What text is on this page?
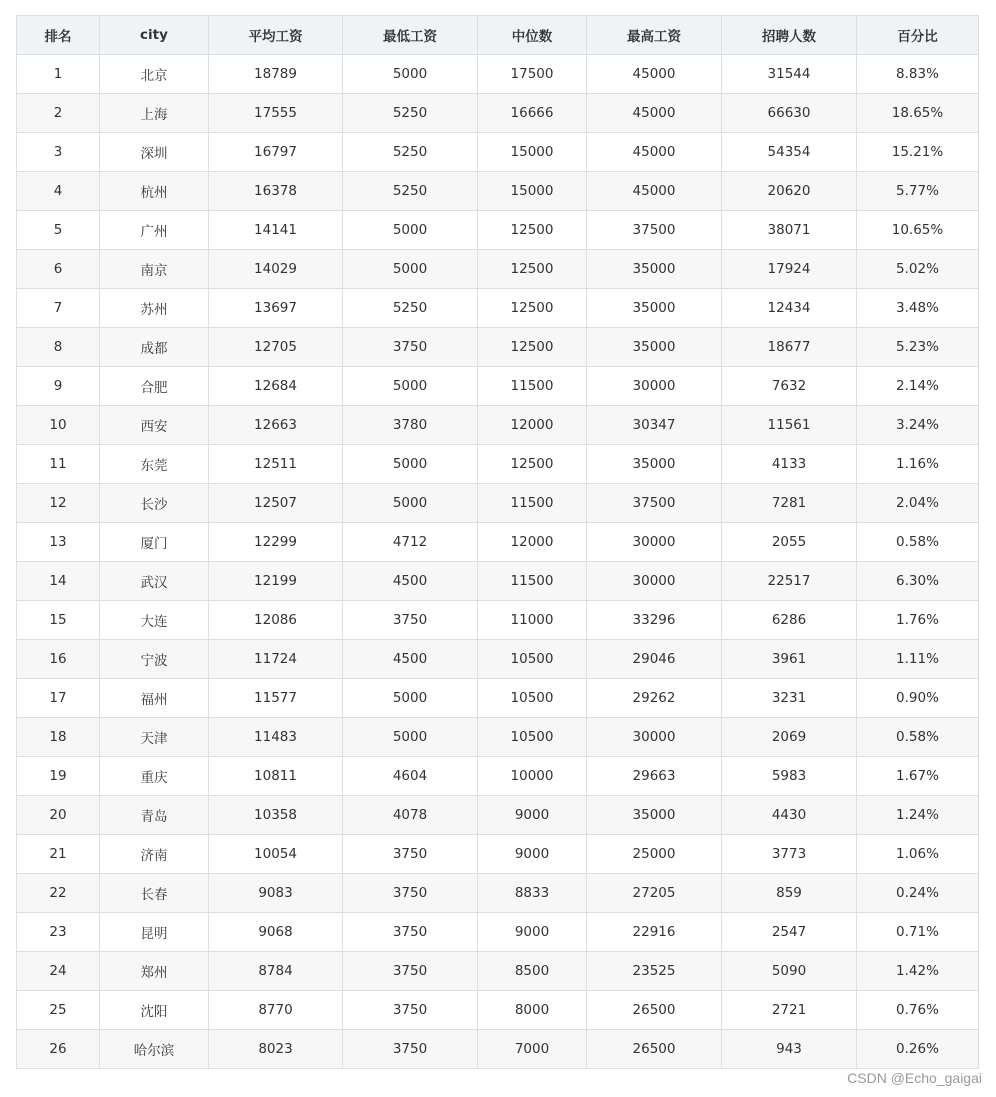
排名	city	平均工资	最低工资	中位数	最高工资	招聘人数	百分比
1	北京	18789	5000	17500	45000	31544	8.83%
2	上海	17555	5250	16666	45000	66630	18.65%
3	深圳	16797	5250	15000	45000	54354	15.21%
4	杭州	16378	5250	15000	45000	20620	5.77%
5	广州	14141	5000	12500	37500	38071	10.65%
6	南京	14029	5000	12500	35000	17924	5.02%
7	苏州	13697	5250	12500	35000	12434	3.48%
8	成都	12705	3750	12500	35000	18677	5.23%
9	合肥	12684	5000	11500	30000	7632	2.14%
10	西安	12663	3780	12000	30347	11561	3.24%
11	东莞	12511	5000	12500	35000	4133	1.16%
12	长沙	12507	5000	11500	37500	7281	2.04%
13	厦门	12299	4712	12000	30000	2055	0.58%
14	武汉	12199	4500	11500	30000	22517	6.30%
15	大连	12086	3750	11000	33296	6286	1.76%
16	宁波	11724	4500	10500	29046	3961	1.11%
17	福州	11577	5000	10500	29262	3231	0.90%
18	天津	11483	5000	10500	30000	2069	0.58%
19	重庆	10811	4604	10000	29663	5983	1.67%
20	青岛	10358	4078	9000	35000	4430	1.24%
21	济南	10054	3750	9000	25000	3773	1.06%
22	长春	9083	3750	8833	27205	859	0.24%
23	昆明	9068	3750	9000	22916	2547	0.71%
24	郑州	8784	3750	8500	23525	5090	1.42%
25	沈阳	8770	3750	8000	26500	2721	0.76%
26	哈尔滨	8023	3750	7000	26500	943	0.26%
CSDN @Echo_gaigai
